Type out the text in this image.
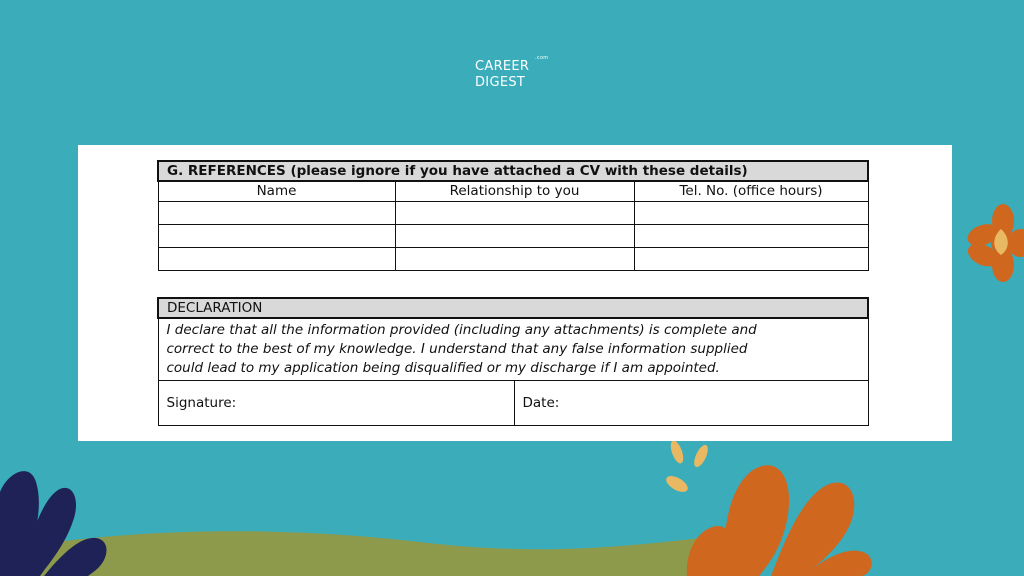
CAREER
DIGEST
.com
G. REFERENCES (please ignore if you have attached a CV with these details)		
Name	Relationship to you	Tel. No. (office hours)

DECLARATION

I declare that all the information provided (including any attachments) is complete and
correct to the best of my knowledge. I understand that any false information supplied
could lead to my application being disqualified or my discharge if I am appointed.

Signature:	Date:
